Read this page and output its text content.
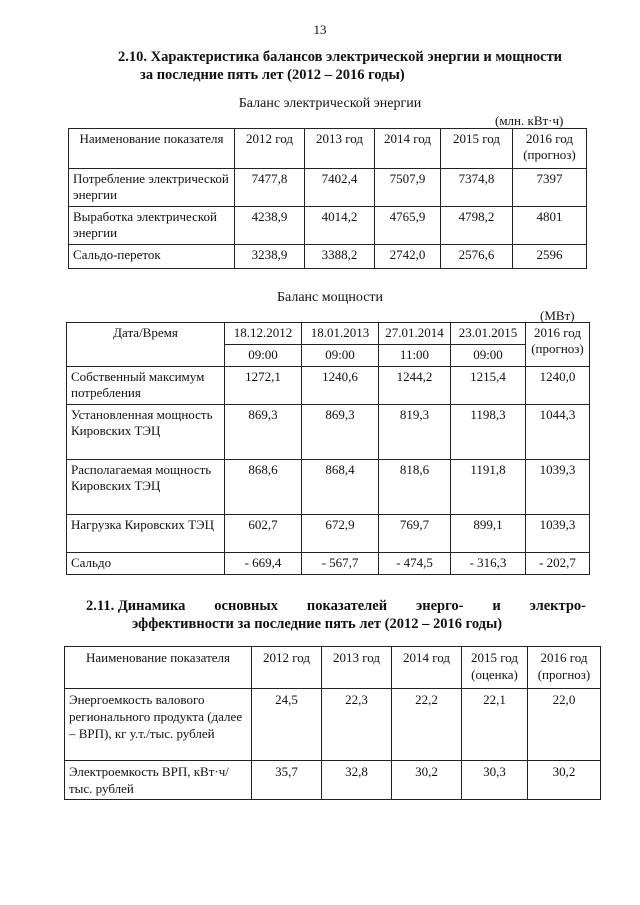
13
2.10. Характеристика балансов электрической энергии и мощности
за последние пять лет (2012 – 2016 годы)
Баланс электрической энергии
(млн. кВт·ч)
Наименование показателя	2012 год	2013 год	2014 год	2015 год	2016 год (прогноз)
Потребление электрической энергии	7477,8	7402,4	7507,9	7374,8	7397
Выработка электрической энергии	4238,9	4014,2	4765,9	4798,2	4801
Сальдо-переток	3238,9	3388,2	2742,0	2576,6	2596
Баланс мощности
(МВт)
Дата/Время	18.12.2012	18.01.2013	27.01.2014	23.01.2015	2016 год (прогноз)
	09:00	09:00	11:00	09:00	
Собственный максимум потребления	1272,1	1240,6	1244,2	1215,4	1240,0
Установленная мощность Кировских ТЭЦ	869,3	869,3	819,3	1198,3	1044,3
Располагаемая мощность Кировских ТЭЦ	868,6	868,4	818,6	1191,8	1039,3
Нагрузка Кировских ТЭЦ	602,7	672,9	769,7	899,1	1039,3
Сальдо	- 669,4	- 567,7	- 474,5	- 316,3	- 202,7
2.11. Динамика основных показателей энерго- и электро-
эффективности за последние пять лет (2012 – 2016 годы)
Наименование показателя	2012 год	2013 год	2014 год	2015 год (оценка)	2016 год (прогноз)
Энергоемкость валового регионального продукта (далее – ВРП), кг у.т./тыс. рублей	24,5	22,3	22,2	22,1	22,0
Электроемкость ВРП, кВт·ч/тыс. рублей	35,7	32,8	30,2	30,3	30,2
